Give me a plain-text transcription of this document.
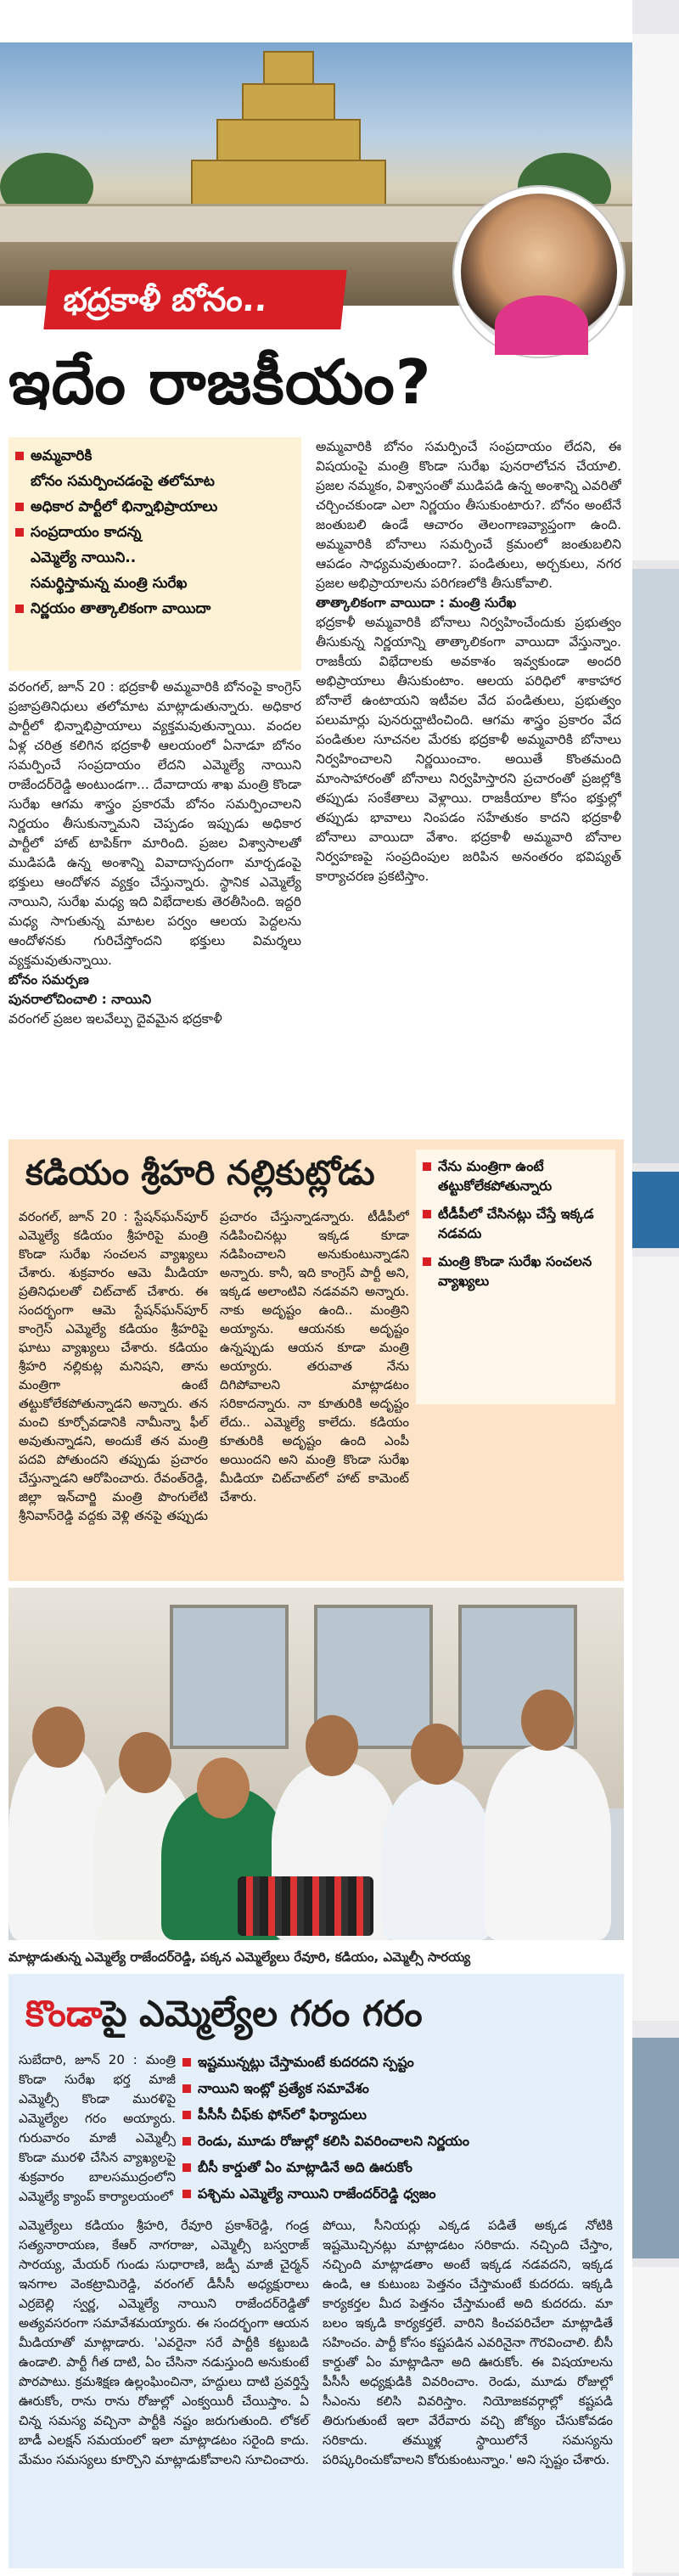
భద్రకాళీ బోనం..
ఇదేం రాజకీయం?
అమ్మవారికి
బోనం సమర్పించడంపై తలోమాట
అధికార పార్టీలో భిన్నాభిప్రాయాలు
సంప్రదాయం కాదన్న
ఎమ్మెల్యే నాయిని..
సమర్థిస్తామన్న మంత్రి సురేఖ
నిర్ణయం తాత్కాలికంగా వాయిదా

వరంగల్‌, జూన్‌ 20 : భద్రకాళీ అమ్మవారికి బోనంపై కాంగ్రెస్‌ ప్రజాప్రతినిధులు తలోమాట మాట్లాడుతున్నారు. అధికార పార్టీలో భిన్నాభిప్రాయాలు వ్యక్తమవుతున్నాయి. వందల ఏళ్ల చరిత్ర కలిగిన భద్రకాళీ ఆలయంలో ఏనాడూ బోనం సమర్పించే సంప్రదాయం లేదని ఎమ్మెల్యే నాయిని రాజేందర్‌రెడ్డి అంటుండగా... దేవాదాయ శాఖ మంత్రి కొండా సురేఖ ఆగమ శాస్త్రం ప్రకారమే బోనం సమర్పించాలని నిర్ణయం తీసుకున్నామని చెప్పడం ఇప్పుడు అధికార పార్టీలో హాట్‌ టాపిక్‌గా మారింది. ప్రజల విశ్వాసాలతో ముడిపడి ఉన్న అంశాన్ని వివాదాస్పదంగా మార్చడంపై భక్తులు ఆందోళన వ్యక్తం చేస్తున్నారు. స్థానిక ఎమ్మెల్యే నాయిని, సురేఖ మధ్య ఇది విభేదాలకు తెరతీసింది. ఇద్దరి మధ్య సాగుతున్న మాటల పర్వం ఆలయ పెద్దలను ఆందోళనకు గురిచేస్తోందని భక్తులు విమర్శలు వ్యక్తమవుతున్నాయి.

బోనం సమర్పణ

పునరాలోచించాలి : నాయిని

వరంగల్‌ ప్రజల ఇలవేల్పు దైవమైన భద్రకాళీ

అమ్మవారికి బోనం సమర్పించే సంప్రదాయం లేదని, ఈ విషయంపై మంత్రి కొండా సురేఖ పునరాలోచన చేయాలి. ప్రజల నమ్మకం, విశ్వాసంతో ముడిపడి ఉన్న అంశాన్ని ఎవరితో చర్చించకుండా ఎలా నిర్ణయం తీసుకుంటారు?. బోనం అంటేనే జంతుబలి ఉండే ఆచారం తెలంగాణవ్యాప్తంగా ఉంది. అమ్మవారికి బోనాలు సమర్పించే క్రమంలో జంతుబలిని ఆపడం సాధ్యమవుతుందా?. పండితులు, అర్చకులు, నగర ప్రజల అభిప్రాయాలను పరిగణలోకి తీసుకోవాలి.

తాత్కాలికంగా వాయిదా : మంత్రి సురేఖ

భద్రకాళీ అమ్మవారికి బోనాలు నిర్వహించేందుకు ప్రభుత్వం తీసుకున్న నిర్ణయాన్ని తాత్కాలికంగా వాయిదా వేస్తున్నాం. రాజకీయ విభేదాలకు అవకాశం ఇవ్వకుండా అందరి అభిప్రాయాలు తీసుకుంటాం. ఆలయ పరిధిలో శాకాహార బోనాలే ఉంటాయని ఇటీవల వేద పండితులు, ప్రభుత్వం పలుమార్లు పునరుద్ఘాటించింది. ఆగమ శాస్త్రం ప్రకారం వేద పండితుల సూచనల మేరకు భద్రకాళీ అమ్మవారికి బోనాలు నిర్వహించాలని నిర్ణయించాం. అయితే కొంతమంది మాంసాహారంతో బోనాలు నిర్వహిస్తారని ప్రచారంతో ప్రజల్లోకి తప్పుడు సంకేతాలు వెళ్లాయి. రాజకీయాల కోసం భక్తుల్లో తప్పుడు భావాలు నింపడం సహేతుకం కాదని భద్రకాళీ బోనాలు వాయిదా వేశాం. భద్రకాళీ అమ్మవారి బోనాల నిర్వహణపై సంప్రదింపుల జరిపిన అనంతరం భవిష్యత్‌ కార్యాచరణ ప్రకటిస్తాం.

కడియం శ్రీహరి నల్లికుట్లోడు
వరంగల్‌, జూన్‌ 20 : స్టేషన్‌ఘన్‌పూర్‌ ఎమ్మెల్యే కడియం శ్రీహరిపై మంత్రి కొండా సురేఖ సంచలన వ్యాఖ్యలు చేశారు. శుక్రవారం ఆమె మీడియా ప్రతినిధులతో చిట్‌చాట్‌ చేశారు. ఈ సందర్భంగా ఆమె స్టేషన్‌ఘన్‌పూర్‌ కాంగ్రెస్‌ ఎమ్మెల్యే కడియం శ్రీహరిపై ఘాటు వ్యాఖ్యలు చేశారు. కడియం శ్రీహరి నల్లికుట్ల మనిషని, తాను మంత్రిగా ఉంటే తట్టుకోలేకపోతున్నాడని అన్నారు. తన మంచి కూర్చోవడానికి నామీన్నా ఫీల్‌ అవుతున్నాడని, అందుకే తన మంత్రి పదవి పోతుందని తప్పుడు ప్రచారం చేస్తున్నాడని ఆరోపించారు. రేవంత్‌రెడ్డి, జిల్లా ఇన్‌చార్జి మంత్రి పొంగులేటి శ్రీనివాస్‌రెడ్డి వద్దకు వెళ్లి తనపై తప్పుడు ప్రచారం చేస్తున్నాడన్నారు. టీడీపీలో నడిపించినట్లు ఇక్కడ కూడా నడిపించాలని అనుకుంటున్నాడని అన్నారు. కానీ, ఇది కాంగ్రెస్‌ పార్టీ అని, ఇక్కడ అలాంటివి నడవవని అన్నారు. నాకు అదృష్టం ఉంది.. మంత్రిని అయ్యాను. ఆయనకు అదృష్టం ఉన్నప్పుడు ఆయన కూడా మంత్రి అయ్యారు. తరువాత నేను దిగిపోవాలని మాట్లాడటం సరికాదన్నారు. నా కూతురికి అదృష్టం లేదు.. ఎమ్మెల్యే కాలేదు. కడియం కూతురికి అదృష్టం ఉంది ఎంపీ అయిందని అని మంత్రి కొండా సురేఖ మీడియా చిట్‌చాట్‌లో హాట్‌ కామెంట్‌ చేశారు.
నేను మంత్రిగా ఉంటే తట్టుకోలేకపోతున్నారు
టీడీపీలో చేసినట్లు చేస్తే ఇక్కడ నడవదు
మంత్రి కొండా సురేఖ సంచలన వ్యాఖ్యలు
మాట్లాడుతున్న ఎమ్మెల్యే రాజేందర్‌రెడ్డి, పక్కన ఎమ్మెల్యేలు రేవూరి, కడియం, ఎమ్మెల్సీ సారయ్య
కొండాపై ఎమ్మెల్యేల గరం గరం
సుబేదారి, జూన్‌ 20 : మంత్రి కొండా సురేఖ భర్త మాజీ ఎమ్మెల్సీ కొండా మురళిపై ఎమ్మెల్యేల గరం అయ్యారు. గురువారం మాజీ ఎమ్మెల్సీ కొండా మురళి చేసిన వ్యాఖ్యలపై శుక్రవారం బాలసముద్రంలోని ఎమ్మెల్యే క్యాంప్‌ కార్యాలయంలో
ఇష్టమున్నట్లు చేస్తామంటే కుదరదని స్పష్టం
నాయిని ఇంట్లో ప్రత్యేక సమావేశం
పీసీసీ చీఫ్‌కు ఫోన్‌లో ఫిర్యాదులు
రెండు, మూడు రోజుల్లో కలిసి వివరించాలని నిర్ణయం
బీసీ కార్డుతో ఏం మాట్లాడినే అది ఊరుకోం
పశ్చిమ ఎమ్మెల్యే నాయిని రాజేందర్‌రెడ్డి ధ్వజం
ఎమ్మెల్యేలు కడియం శ్రీహరి, రేవూరి ప్రకాశ్‌రెడ్డి, గండ్ర సత్యనారాయణ, కేఆర్‌ నాగరాజు, ఎమ్మెల్సీ బస్వరాజ్‌ సారయ్య, మేయర్‌ గుండు సుధారాణి, జడ్పీ మాజీ చైర్మన్‌ ఇనగాల వెంకట్రామిరెడ్డి, వరంగల్‌ డీసీసీ అధ్యక్షురాలు ఎర్రబెల్లి స్వర్ణ, ఎమ్మెల్యే నాయిని రాజేందర్‌రెడ్డితో అత్యవసరంగా సమావేశమయ్యారు. ఈ సందర్భంగా ఆయన మీడియాతో మాట్లాడారు. 'ఎవరైనా సరే పార్టీకి కట్టుబడి ఉండాలి. పార్టీ గీత దాటి, ఏం చేసినా నడుస్తుంది అనుకుంటే పొరపాటు. క్రమశిక్షణ ఉల్లంఘించినా, హద్దులు దాటి ప్రవర్తిస్తే ఊరుకోం, రాను రాను రోజుల్లో ఎంక్వయిరీ చేయిస్తాం. ఏ చిన్న సమస్య వచ్చినా పార్టీకి నష్టం జరుగుతుంది. లోకల్‌ బాడీ ఎలక్షన్‌ సమయంలో ఇలా మాట్లాడటం సరైంది కాదు. మేమం సమస్యలు కూర్చొని మాట్లాడుకోవాలని సూచించారు. పోయి, సీనియర్లు ఎక్కడ పడితే అక్కడ నోటికి ఇష్టమొచ్చినట్లు మాట్లాడటం సరికాదు. నచ్చింది చేస్తాం, నచ్చింది మాట్లాడతాం అంటే ఇక్కడ నడవదని, ఇక్కడ ఉండి, ఆ కుటుంబ పెత్తనం చేస్తామంటే కుదరదు. ఇక్కడి కార్యకర్తల మీద పెత్తనం చేస్తామంటే అది కుదరదు. మా బలం ఇక్కడి కార్యకర్తలే. వారిని కించపరిచేలా మాట్లాడితే సహించం. పార్టీ కోసం కష్టపడిన ఎవరినైనా గౌరవించాలి. బీసీ కార్డుతో ఏం మాట్లాడినా అది ఊరుకోం. ఈ విషయాలను పీసీసీ అధ్యక్షుడికి వివరించాం. రెండు, మూడు రోజుల్లో సీఎంను కలిసి వివరిస్తాం. నియోజకవర్గాల్లో కష్టపడి తిరుగుతుంటే ఇలా వేరేవారు వచ్చి జోక్యం చేసుకోవడం సరికాదు. తమ్ముళ్ల స్థాయిలోనే సమస్యను పరిష్కరించుకోవాలని కోరుకుంటున్నాం.' అని స్పష్టం చేశారు.
